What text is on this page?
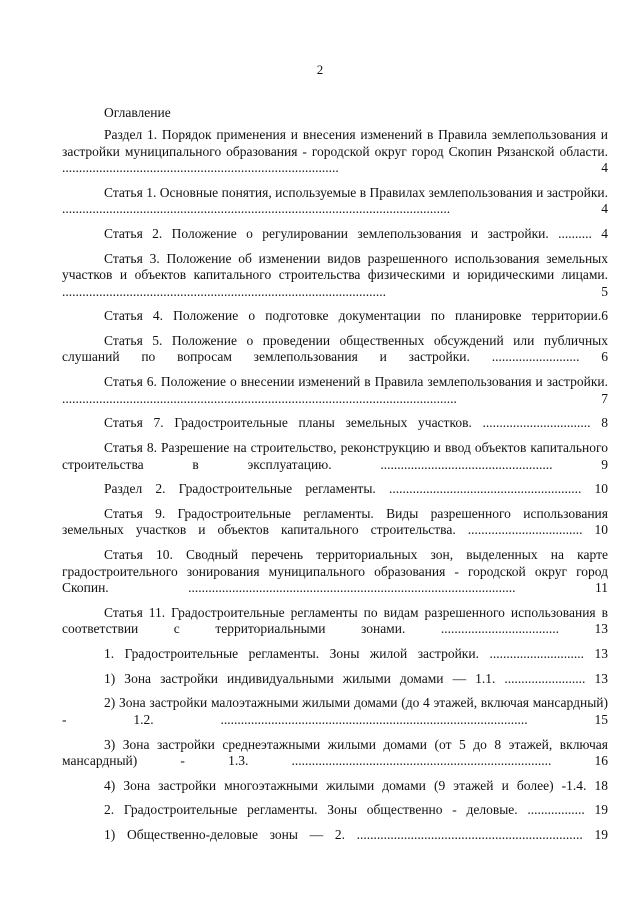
2
Оглавление

Раздел 1. Порядок применения и внесения изменений в Правила землепользования и застройки муниципального образования - городской округ город Скопин Рязанской области. .................................................................................. 4

Статья 1. Основные понятия, используемые в Правилах землепользования и застройки. ................................................................................................................... 4

Статья 2. Положение о регулировании землепользования и застройки. .......... 4

Статья 3. Положение об изменении видов разрешенного использования земельных участков и объектов капитального строительства физическими и юридическими лицами. ................................................................................................ 5

Статья 4. Положение о подготовке документации по планировке территории.6

Статья 5. Положение о проведении общественных обсуждений или публичных слушаний по вопросам землепользования и застройки. .......................... 6

Статья 6. Положение о внесении изменений в Правила землепользования и застройки. ..................................................................................................................... 7

Статья 7. Градостроительные планы земельных участков. ................................ 8

Статья 8. Разрешение на строительство, реконструкцию и ввод объектов капитального строительства в эксплуатацию. ................................................... 9

Раздел 2. Градостроительные регламенты. ......................................................... 10

Статья 9. Градостроительные регламенты. Виды разрешенного использования земельных участков и объектов капитального строительства. .................................. 10

Статья 10. Сводный перечень территориальных зон, выделенных на карте градостроительного зонирования муниципального образования - городской округ город Скопин. ................................................................................................. 11

Статья 11. Градостроительные регламенты по видам разрешенного использования в соответствии с территориальными зонами. ................................... 13

1. Градостроительные регламенты. Зоны жилой застройки. ............................ 13

1) Зона застройки индивидуальными жилыми домами — 1.1. ........................ 13

2) Зона застройки малоэтажными жилыми домами (до 4 этажей, включая мансардный) - 1.2. ........................................................................................... 15

3) Зона застройки среднеэтажными жилыми домами (от 5 до 8 этажей, включая мансардный) - 1.3. ............................................................................. 16

4) Зона застройки многоэтажными жилыми домами (9 этажей и более) -1.4. 18

2. Градостроительные регламенты. Зоны общественно - деловые. ................. 19

1) Общественно-деловые зоны — 2. ................................................................... 19
